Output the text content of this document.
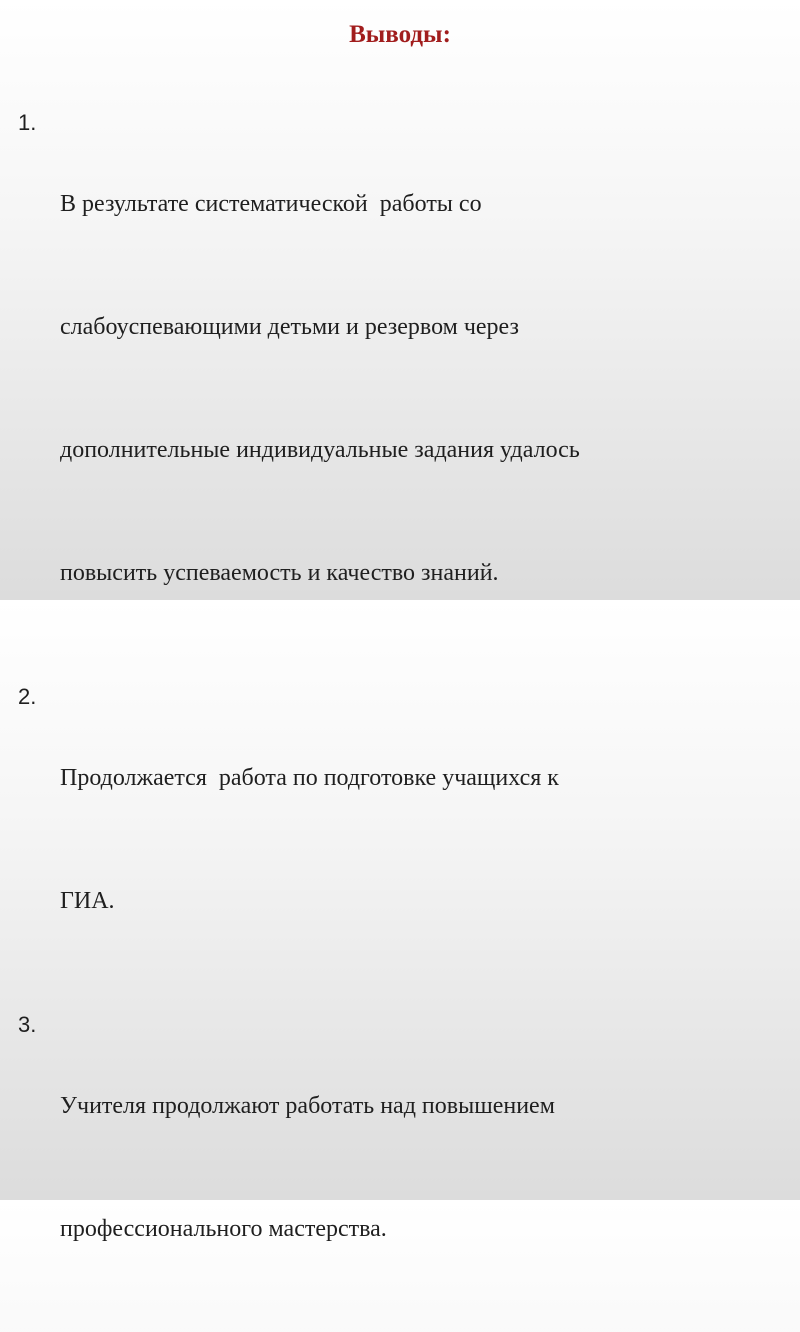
Выводы:
1.

В результате систематической  работы со

слабоуспевающими детьми и резервом через

дополнительные индивидуальные задания удалось

повысить успеваемость и качество знаний.

2.

Продолжается  работа по подготовке учащихся к

ГИА.

3.

Учителя продолжают работать над повышением

профессионального мастерства.
